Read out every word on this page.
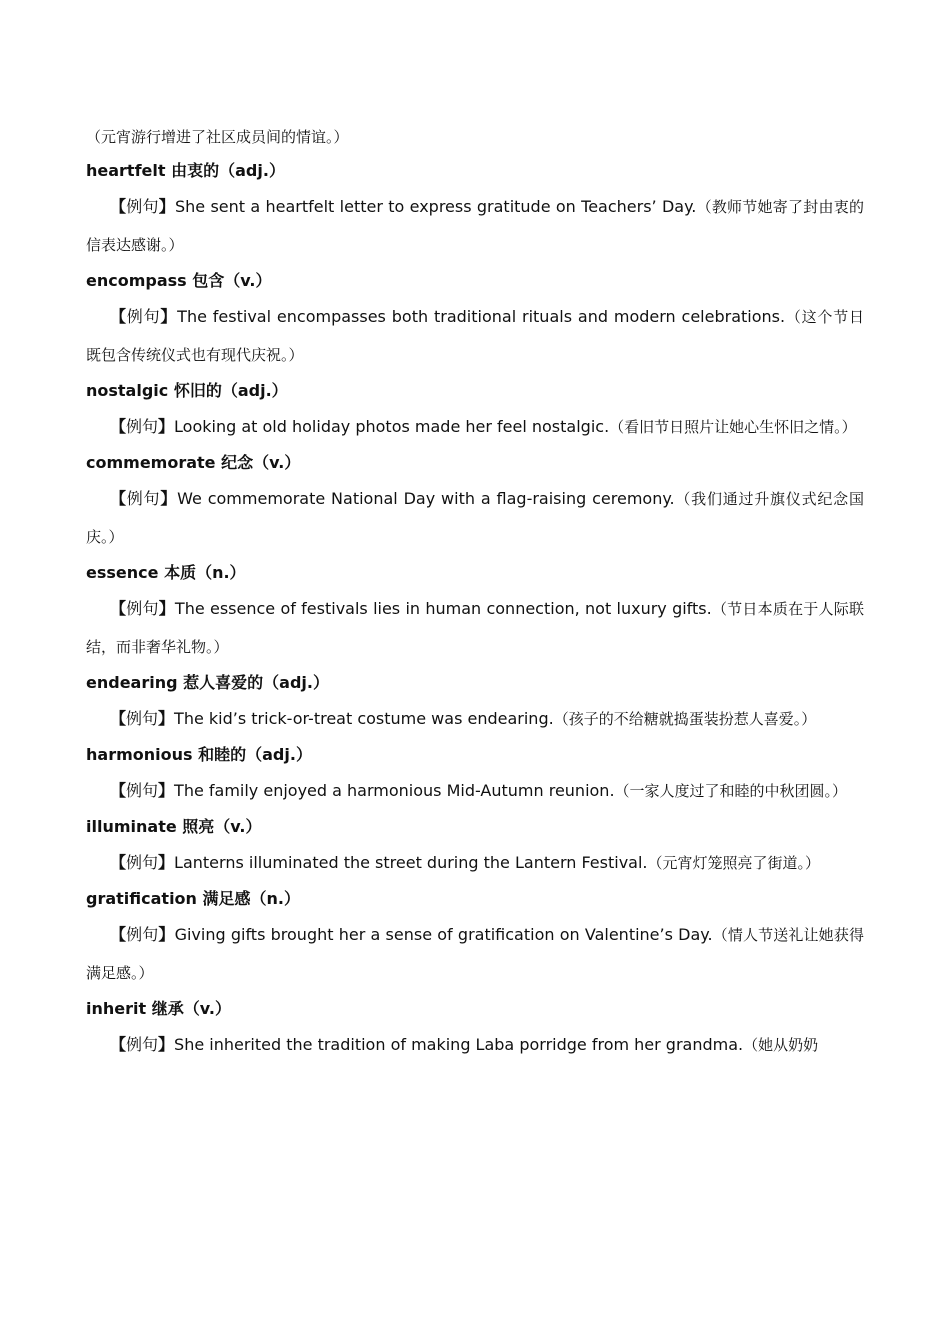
（元宵游行增进了社区成员间的情谊。）
heartfelt 由衷的（adj.）

【例句】She sent a heartfelt letter to express gratitude on Teachers’ Day.（教师节她寄了封由衷的信表达感谢。）

encompass 包含（v.）

【例句】The festival encompasses both traditional rituals and modern celebrations.（这个节日既包含传统仪式也有现代庆祝。）

nostalgic 怀旧的（adj.）

【例句】Looking at old holiday photos made her feel nostalgic.（看旧节日照片让她心生怀旧之情。）

commemorate 纪念（v.）

【例句】We commemorate National Day with a flag-raising ceremony.（我们通过升旗仪式纪念国庆。）

essence 本质（n.）

【例句】The essence of festivals lies in human connection, not luxury gifts.（节日本质在于人际联结，而非奢华礼物。）

endearing 惹人喜爱的（adj.）

【例句】The kid’s trick-or-treat costume was endearing.（孩子的不给糖就捣蛋装扮惹人喜爱。）

harmonious 和睦的（adj.）

【例句】The family enjoyed a harmonious Mid-Autumn reunion.（一家人度过了和睦的中秋团圆。）

illuminate 照亮（v.）

【例句】Lanterns illuminated the street during the Lantern Festival.（元宵灯笼照亮了街道。）

gratification 满足感（n.）

【例句】Giving gifts brought her a sense of gratification on Valentine’s Day.（情人节送礼让她获得满足感。）

inherit 继承（v.）

【例句】She inherited the tradition of making Laba porridge from her grandma.（她从奶奶
